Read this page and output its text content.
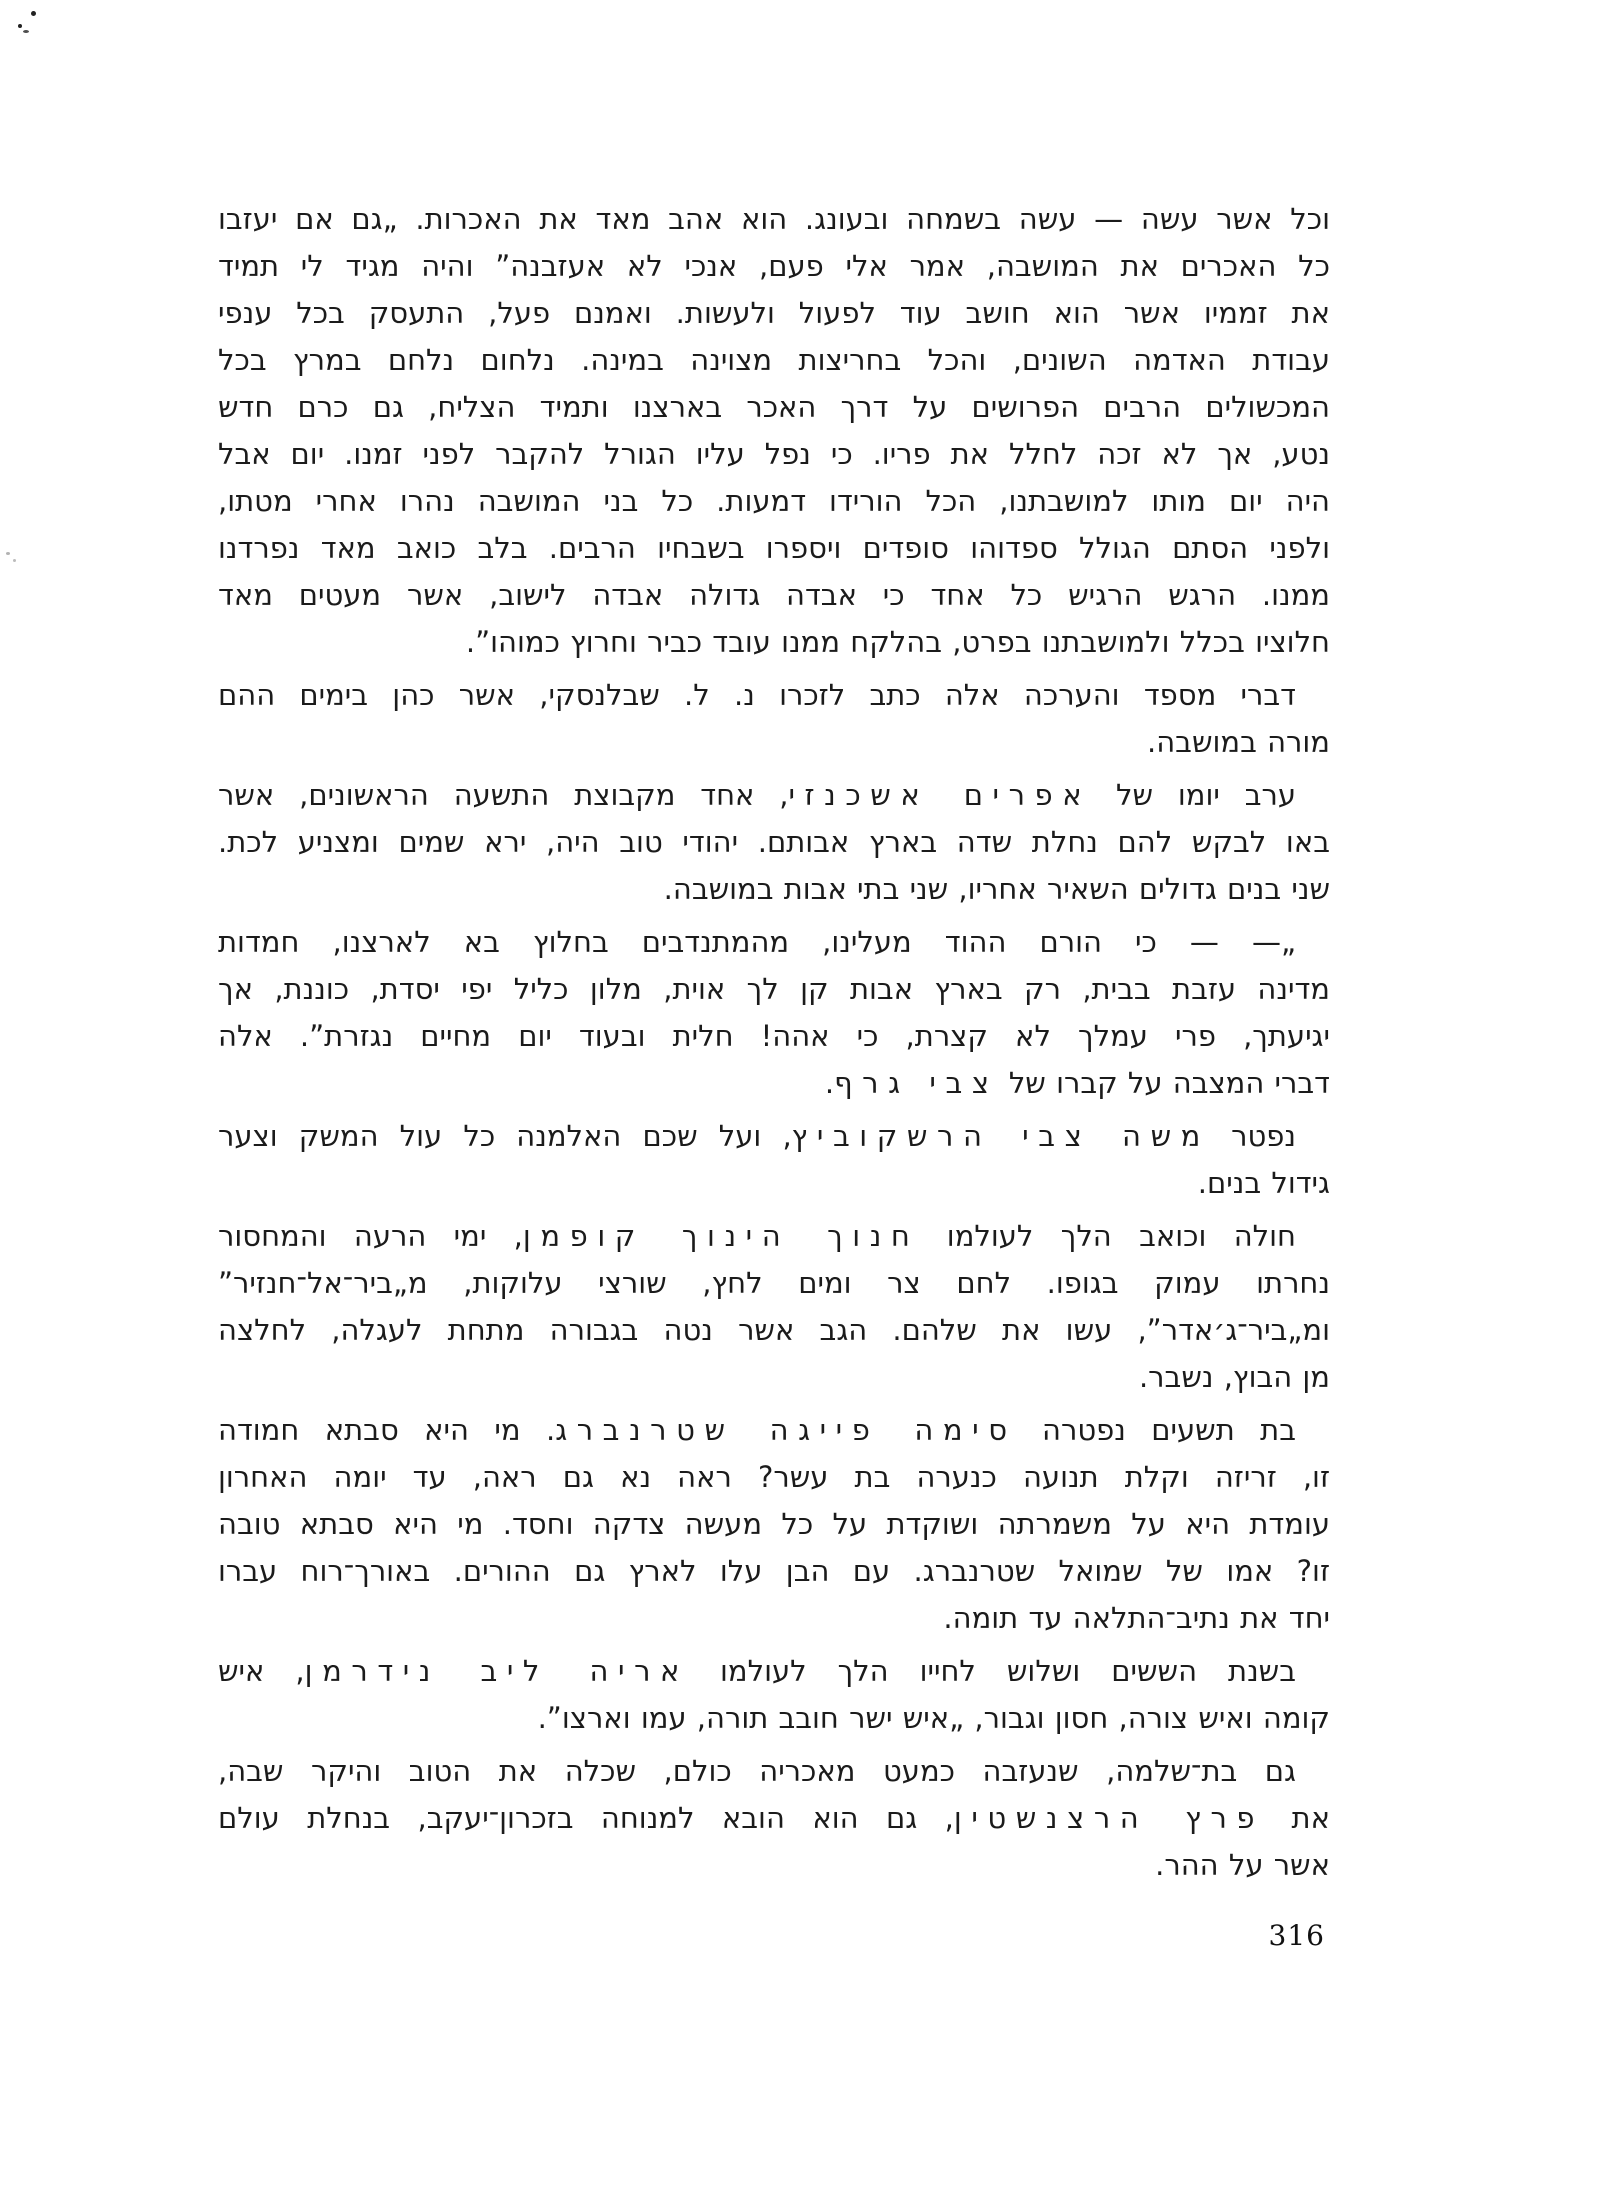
וכל אשר עשה — עשה בשמחה ובעונג. הוא אהב מאד את האכרות. „גם אם יעזבו
כל האכרים את המושבה, אמר אלי פעם, אנכי לא אעזבנה” והיה מגיד לי תמיד
את זממיו אשר הוא חושב עוד לפעול ולעשות. ואמנם פעל, התעסק בכל ענפי
עבודת האדמה השונים, והכל בחריצות מצוינה במינה. נלחום נלחם במרץ בכל
המכשולים הרבים הפרושים על דרך האכר בארצנו ותמיד הצליח, גם כרם חדש
נטע, אך לא זכה לחלל את פריו. כי נפל עליו הגורל להקבר לפני זמנו. יום אבל
היה יום מותו למושבתנו, הכל הורידו דמעות. כל בני המושבה נהרו אחרי מטתו,
ולפני הסתם הגולל ספדוהו סופדים ויספרו בשבחיו הרבים. בלב כואב מאד נפרדנו
ממנו. הרגש הרגיש כל אחד כי אבדה גדולה אבדה לישוב, אשר מעטים מאד
חלוציו בכלל ולמושבתנו בפרט, בהלקח ממנו עובד כביר וחרוץ כמוהו”.
דברי מספד והערכה אלה כתב לזכרו נ. ל. שבלנסקי, אשר כהן בימים ההם
מורה במושבה.
ערב יומו של אפרים אשכנזי, אחד מקבוצת התשעה הראשונים, אשר
באו לבקש להם נחלת שדה בארץ אבותם. יהודי טוב היה, ירא שמים ומצניע לכת.
שני בנים גדולים השאיר אחריו, שני בתי אבות במושבה.
„— — כי הורם ההוד מעלינו, מהמתנדבים בחלוץ בא לארצנו, חמדות
מדינה עזבת בבית, רק בארץ אבות קן לך אוית, מלון כליל יפי יסדת, כוננת, אך
יגיעתך, פרי עמלך לא קצרת, כי אהה! חלית ובעוד יום מחיים נגזרת”. אלה
דברי המצבה על קברו של צבי גרף.
נפטר משה צבי הרשקוביץ, ועל שכם האלמנה כל עול המשק וצער
גידול בנים.
חולה וכואב הלך לעולמו חנוך הינוך קופמן, ימי הרעה והמחסור
נחרתו עמוק בגופו. לחם צר ומים לחץ, שורצי עלוקות, מ„ביר־אל־חנזיר”
ומ„ביר־ג׳אדר”, עשו את שלהם. הגב אשר נטה בגבורה מתחת לעגלה, לחלצה
מן הבוץ, נשבר.
בת תשעים נפטרה סימה פייגה שטרנברג. מי היא סבתא חמודה
זו, זריזה וקלת תנועה כנערה בת עשר? ראה נא גם ראה, עד יומה האחרון
עומדת היא על משמרתה ושוקדת על כל מעשה צדקה וחסד. מי היא סבתא טובה
זו? אמו של שמואל שטרנברג. עם הבן עלו לארץ גם ההורים. באורך־רוח עברו
יחד את נתיב־התלאה עד תומה.
בשנת הששים ושלוש לחייו הלך לעולמו אריה ליב נידרמן, איש
קומה ואיש צורה, חסון וגבור, „איש ישר חובב תורה, עמו וארצו”.
גם בת־שלמה, שנעזבה כמעט מאכריה כולם, שכלה את הטוב והיקר שבה,
את פרץ הרצנשטין, גם הוא הובא למנוחה בזכרון־יעקב, בנחלת עולם
אשר על ההר.
316
